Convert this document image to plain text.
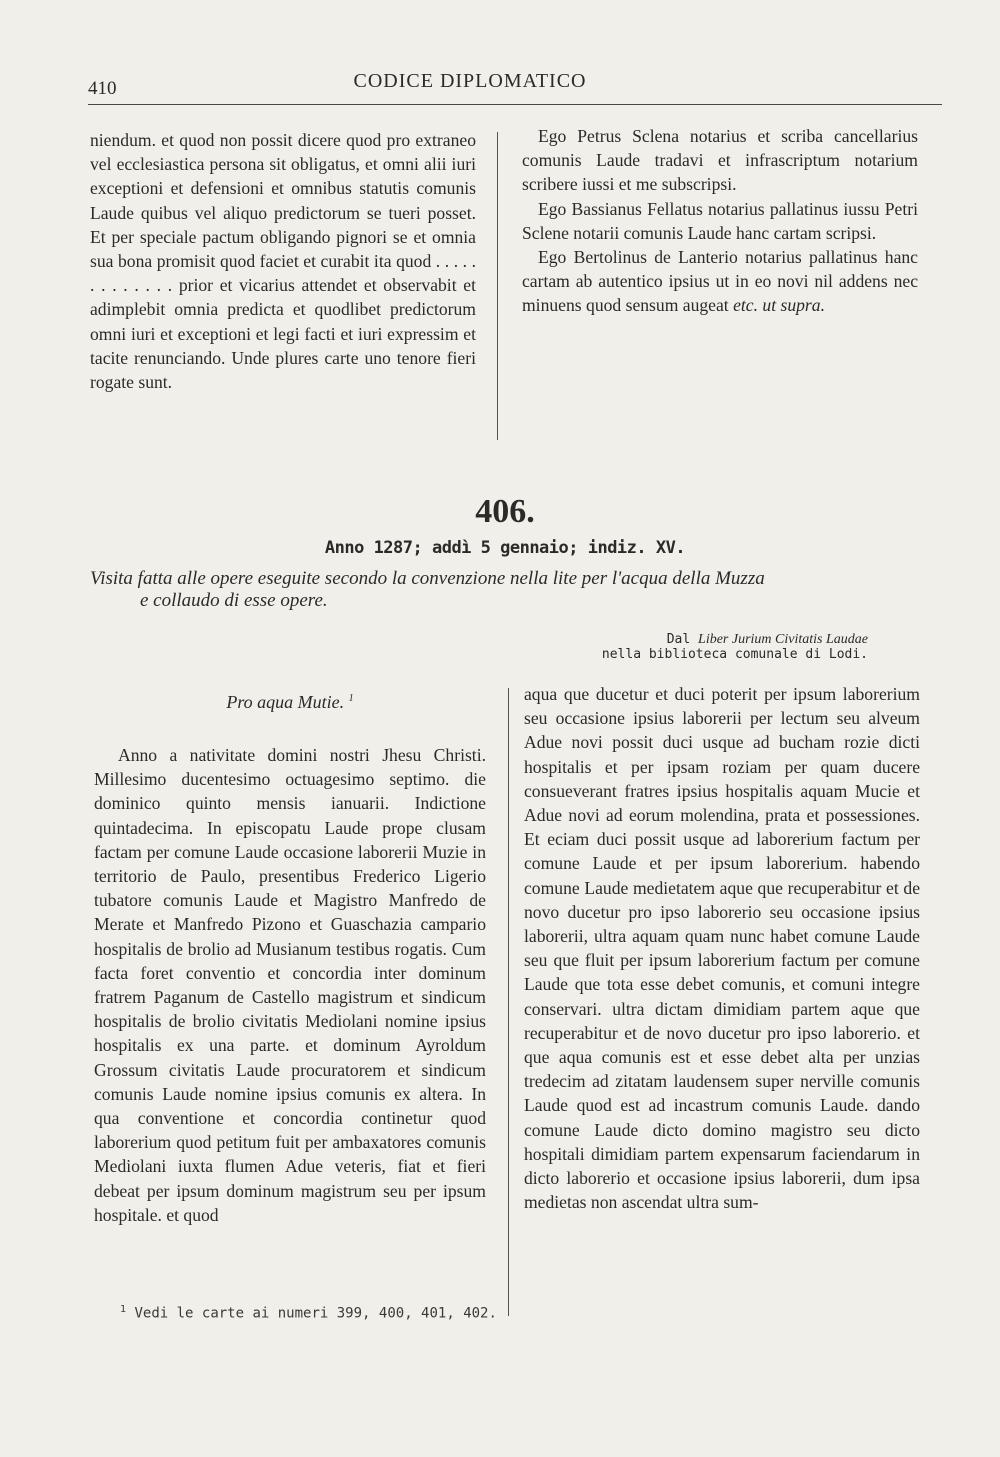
410	CODICE DIPLOMATICO

niendum. et quod non possit dicere quod pro extraneo vel ecclesiastica persona sit obligatus, et omni alii iuri exceptioni et defensioni et omnibus statutis comunis Laude quibus vel aliquo predictorum se tueri posset. Et per speciale pactum obligando pignori se et omnia sua bona promisit quod faciet et curabit ita quod . . . . . . . . . . . . . prior et vicarius attendet et observabit et adimplebit omnia predicta et quodlibet predictorum omni iuri et exceptioni et legi facti et iuri expressim et tacite renunciando. Unde plures carte uno tenore fieri rogate sunt.

Ego Petrus Sclena notarius et scriba cancellarius comunis Laude tradavi et infrascriptum notarium scribere iussi et me subscripsi.

Ego Bassianus Fellatus notarius pallatinus iussu Petri Sclene notarii comunis Laude hanc cartam scripsi.

Ego Bertolinus de Lanterio notarius pallatinus hanc cartam ab autentico ipsius ut in eo novi nil addens nec minuens quod sensum augeat etc. ut supra.

406.
Anno 1287; addì 5 gennaio; indiz. XV.
Visita fatta alle opere eseguite secondo la convenzione nella lite per l'acqua della Muzza
e collaudo di esse opere.
Dal Liber Jurium Civitatis Laudae
nella biblioteca comunale di Lodi.
Pro aqua Mutie. $^1$

Anno a nativitate domini nostri Jhesu Christi. Millesimo ducentesimo octuagesimo septimo. die dominico quinto mensis ianuarii. Indictione quintadecima. In episcopatu Laude prope clusam factam per comune Laude occasione laborerii Muzie in territorio de Paulo, presentibus Frederico Ligerio tubatore comunis Laude et Magistro Manfredo de Merate et Manfredo Pizono et Guaschazia campario hospitalis de brolio ad Musianum testibus rogatis. Cum facta foret conventio et concordia inter dominum fratrem Paganum de Castello magistrum et sindicum hospitalis de brolio civitatis Mediolani nomine ipsius hospitalis ex una parte. et dominum Ayroldum Grossum civitatis Laude procuratorem et sindicum comunis Laude nomine ipsius comunis ex altera. In qua conventione et concordia continetur quod laborerium quod petitum fuit per ambaxatores comunis Mediolani iuxta flumen Adue veteris, fiat et fieri debeat per ipsum dominum magistrum seu per ipsum hospitale. et quod

aqua que ducetur et duci poterit per ipsum laborerium seu occasione ipsius laborerii per lectum seu alveum Adue novi possit duci usque ad bucham rozie dicti hospitalis et per ipsam roziam per quam ducere consueverant fratres ipsius hospitalis aquam Mucie et Adue novi ad eorum molendina, prata et possessiones. Et eciam duci possit usque ad laborerium factum per comune Laude et per ipsum laborerium. habendo comune Laude medietatem aque que recuperabitur et de novo ducetur pro ipso laborerio seu occasione ipsius laborerii, ultra aquam quam nunc habet comune Laude seu que fluit per ipsum laborerium factum per comune Laude que tota esse debet comunis, et comuni integre conservari. ultra dictam dimidiam partem aque que recuperabitur et de novo ducetur pro ipso laborerio. et que aqua comunis est et esse debet alta per unzias tredecim ad zitatam laudensem super nerville comunis Laude quod est ad incastrum comunis Laude. dando comune Laude dicto domino magistro seu dicto hospitali dimidiam partem expensarum faciendarum in dicto laborerio et occasione ipsius laborerii, dum ipsa medietas non ascendat ultra sum-

$^1$ Vedi le carte ai numeri 399, 400, 401, 402.
